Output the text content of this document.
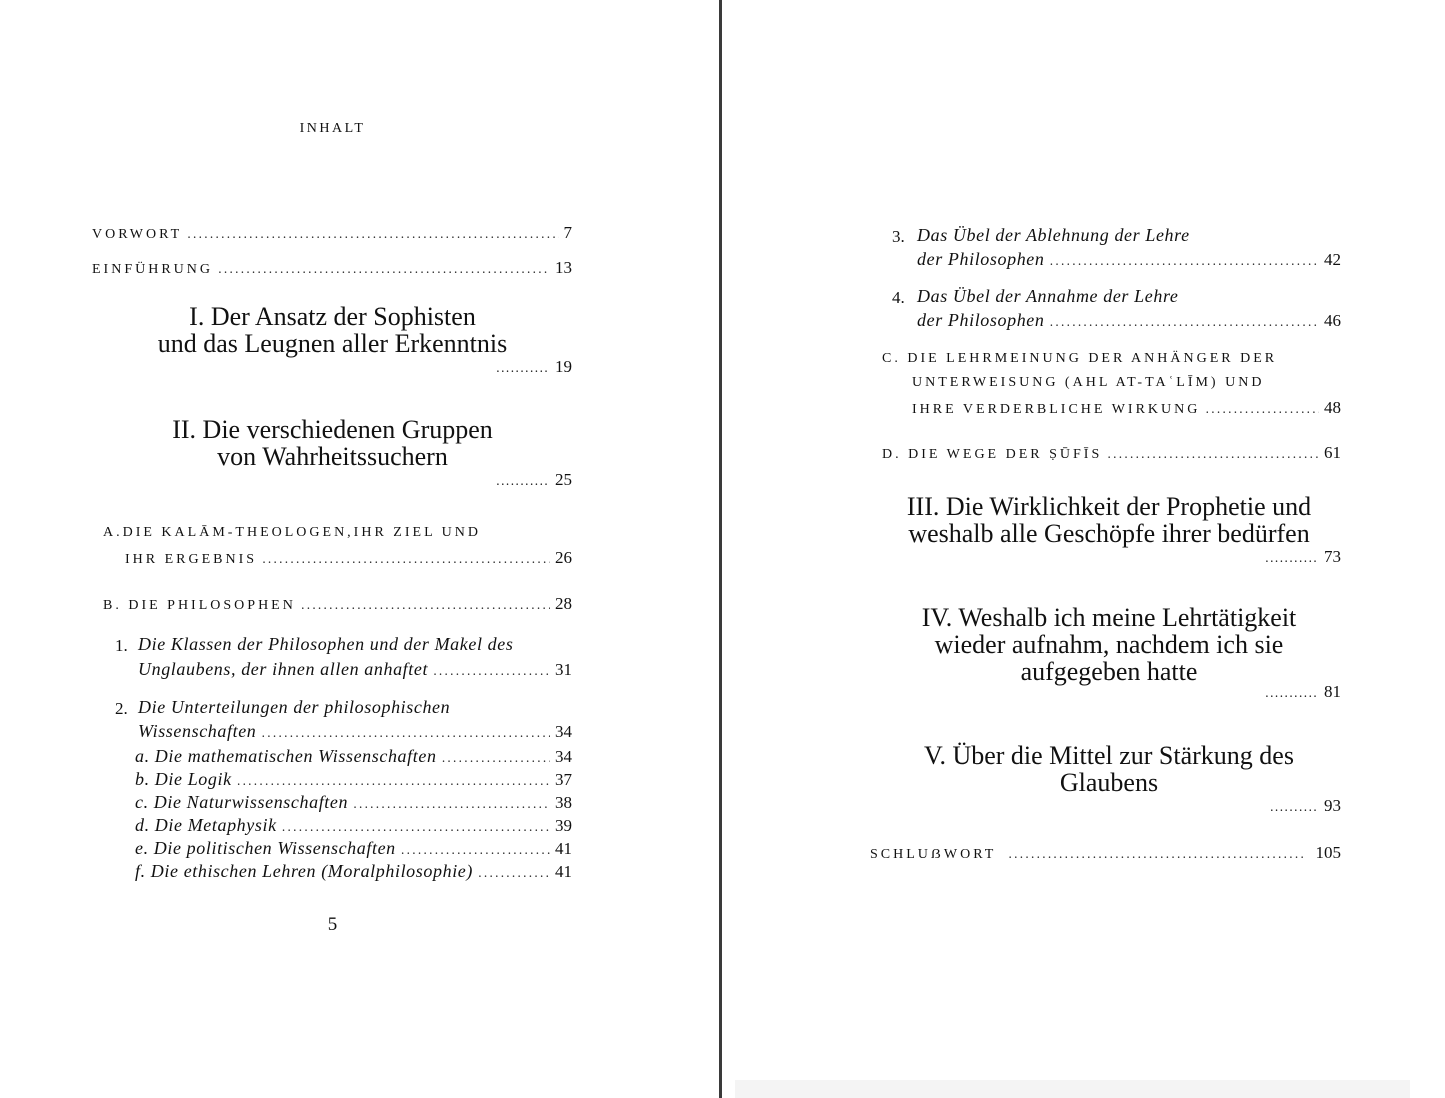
INHALT
VORWORT .....	7
EINFÜHRUNG .....	13
I. Der Ansatz der Sophisten
und das Leugnen aller Erkenntnis
........... 19
II. Die verschiedenen Gruppen
von Wahrheitssuchern
........... 25
A.DIE KALĀM-THEOLOGEN,IHR ZIEL UND
IHR ERGEBNIS .....	26
B. DIE PHILOSOPHEN .....	28
1. Die Klassen der Philosophen und der Makel des
Unglaubens, der ihnen allen anhaftet .....	31
2. Die Unterteilungen der philosophischen
Wissenschaften .....	34
a. Die mathematischen Wissenschaften .....	34
b. Die Logik .....	37
c. Die Naturwissenschaften .....	38
d. Die Metaphysik .....	39
e. Die politischen Wissenschaften .....	41
f. Die ethischen Lehren (Moralphilosophie) .....	41
5
3. Das Übel der Ablehnung der Lehre
der Philosophen .....	42
4. Das Übel der Annahme der Lehre
der Philosophen .....	46
C. DIE LEHRMEINUNG DER ANHÄNGER DER
UNTERWEISUNG (AHL AT-TAʿLĪM) UND
IHRE VERDERBLICHE WIRKUNG .....	48
D. DIE WEGE DER ṢŪFĪS .....	61
III. Die Wirklichkeit der Prophetie und
weshalb alle Geschöpfe ihrer bedürfen
........... 73
IV. Weshalb ich meine Lehrtätigkeit
wieder aufnahm, nachdem ich sie
aufgegeben hatte
........... 81
V. Über die Mittel zur Stärkung des
Glaubens
.......... 93
SCHLUẞWORT .....	105
